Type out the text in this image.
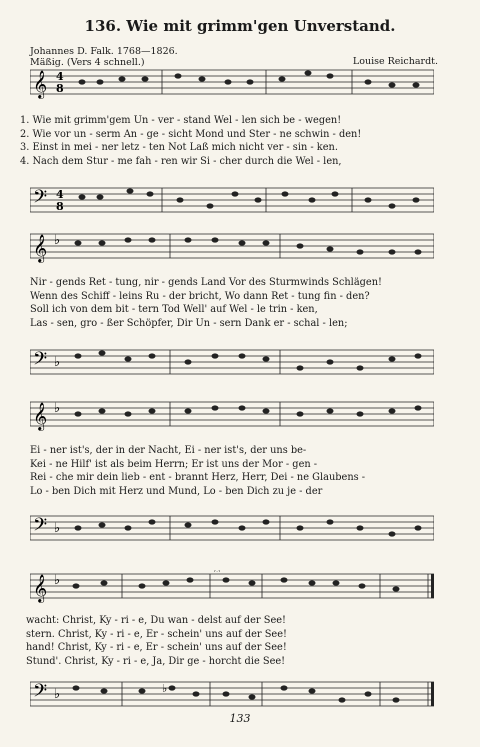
136. Wie mit grimm'gen Unverstand.
Johannes D. Falk. 1768—1826.
Mäßig. (Vers 4 schnell.)	Louise Reichardt.
𝄞 4
8
1. Wie mit grimm'gem Un - ver - stand Wel - len sich be - wegen!
2. Wie vor un - serm An - ge - sicht Mond und Ster - ne schwin - den!
3. Einst in mei - ner letz - ten Not Laß mich nicht ver - sin - ken.
4. Nach dem Stur - me fah - ren wir Si - cher durch die Wel - len,
𝄢 4
8
𝄞 ♭
Nir - gends Ret - tung, nir - gends Land Vor des Sturmwinds Schlägen!
Wenn des Schiff - leins Ru - der bricht, Wo dann Ret - tung fin - den?
Soll ich von dem bit - tern Tod Well' auf Wel - le trin - ken,
Las - sen, gro - ßer Schöpfer, Dir Un - sern Dank er - schal - len;
𝄢 ♭
𝄞 ♭
Ei - ner ist's, der in der Nacht, Ei - ner ist's, der uns be-
Kei - ne Hilf' ist als beim Herrn; Er ist uns der Mor - gen -
Rei - che mir dein lieb - ent - brannt Herz, Herr, Dei - ne Glaubens -
Lo - ben Dich mit Herz und Mund, Lo - ben Dich zu je - der
𝄢 ♭
𝄞 ♭
𝄐
wacht: Christ, Ky - ri - e, Du wan - delst auf der See!
stern. Christ, Ky - ri - e, Er - schein' uns auf der See!
hand! Christ, Ky - ri - e, Er - schein' uns auf der See!
Stund'. Christ, Ky - ri - e, Ja, Dir ge - horcht die See!
𝄢 ♭	♭
133
